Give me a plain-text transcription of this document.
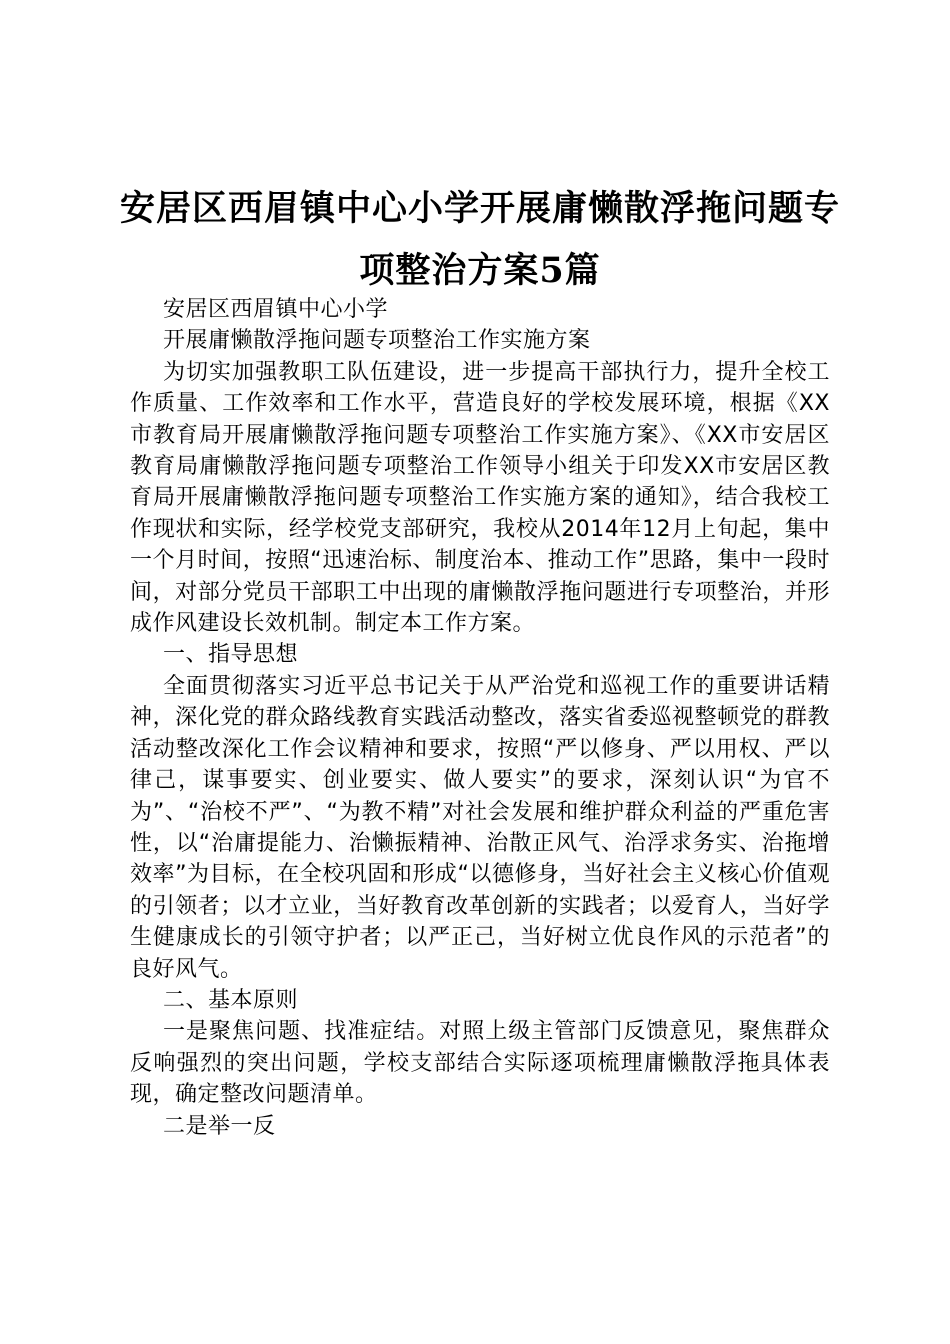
安居区西眉镇中心小学开展庸懒散浮拖问题专项整治方案5篇

安居区西眉镇中心小学

开展庸懒散浮拖问题专项整治工作实施方案

为切实加强教职工队伍建设，进一步提高干部执行力，提升全校工作质量、工作效率和工作水平，营造良好的学校发展环境，根据《XX市教育局开展庸懒散浮拖问题专项整治工作实施方案》、《XX市安居区教育局庸懒散浮拖问题专项整治工作领导小组关于印发XX市安居区教育局开展庸懒散浮拖问题专项整治工作实施方案的通知》，结合我校工作现状和实际，经学校党支部研究，我校从2014年12月上旬起，集中一个月时间，按照“迅速治标、制度治本、推动工作”思路，集中一段时间，对部分党员干部职工中出现的庸懒散浮拖问题进行专项整治，并形成作风建设长效机制。制定本工作方案。

一、指导思想

全面贯彻落实习近平总书记关于从严治党和巡视工作的重要讲话精神，深化党的群众路线教育实践活动整改，落实省委巡视整顿党的群教活动整改深化工作会议精神和要求，按照“严以修身、严以用权、严以律己，谋事要实、创业要实、做人要实”的要求，深刻认识“为官不为”、“治校不严”、“为教不精”对社会发展和维护群众利益的严重危害性，以“治庸提能力、治懒振精神、治散正风气、治浮求务实、治拖增效率”为目标，在全校巩固和形成“以德修身，当好社会主义核心价值观的引领者；以才立业，当好教育改革创新的实践者；以爱育人，当好学生健康成长的引领守护者；以严正己，当好树立优良作风的示范者”的良好风气。

二、基本原则

一是聚焦问题、找准症结。对照上级主管部门反馈意见，聚焦群众反响强烈的突出问题，学校支部结合实际逐项梳理庸懒散浮拖具体表现，确定整改问题清单。

二是举一反
